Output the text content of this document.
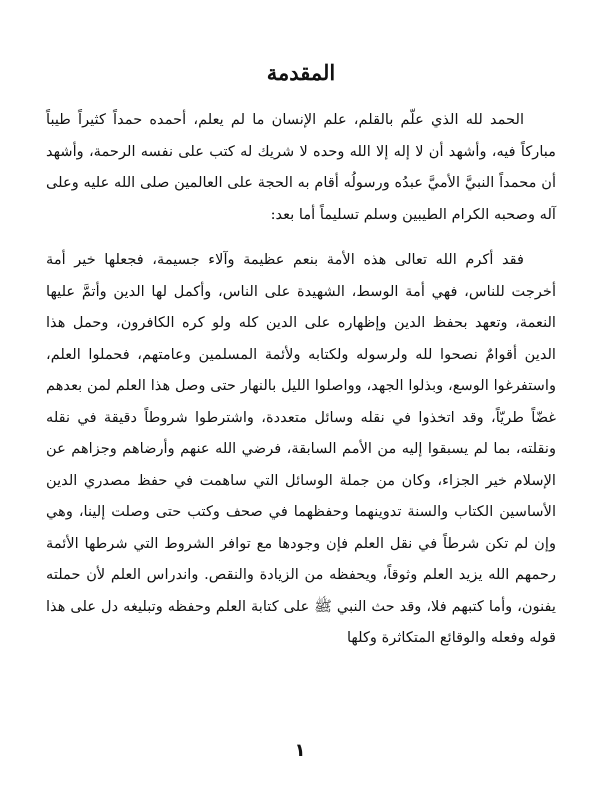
المقدمة

الحمد لله الذي علّم بالقلم، علم الإنسان ما لم يعلم، أحمده حمداً كثيراً طيباً مباركاً فيه، وأشهد أن لا إله إلا الله وحده لا شريك له كتب على نفسه الرحمة، وأشهد أن محمداً النبيَّ الأميَّ عبدُه ورسولُه أقام به الحجة على العالمين صلى الله عليه وعلى آله وصحبه الكرام الطيبين وسلم تسليماً أما بعد:

فقد أكرم الله تعالى هذه الأمة بنعم عظيمة وآلاء جسيمة، فجعلها خير أمة أخرجت للناس، فهي أمة الوسط، الشهيدة على الناس، وأكمل لها الدين وأتمَّ عليها النعمة، وتعهد بحفظ الدين وإظهاره على الدين كله ولو كره الكافرون، وحمل هذا الدين أقوامٌ نصحوا لله ولرسوله ولكتابه ولأئمة المسلمين وعامتهم، فحملوا العلم، واستفرغوا الوسع، وبذلوا الجهد، وواصلوا الليل بالنهار حتى وصل هذا العلم لمن بعدهم غضّاً طريّاً، وقد اتخذوا في نقله وسائل متعددة، واشترطوا شروطاً دقيقة في نقله ونقلته، بما لم يسبقوا إليه من الأمم السابقة، فرضي الله عنهم وأرضاهم وجزاهم عن الإسلام خير الجزاء، وكان من جملة الوسائل التي ساهمت في حفظ مصدري الدين الأساسين الكتاب والسنة تدوينهما وحفظهما في صحف وكتب حتى وصلت إلينا، وهي وإن لم تكن شرطاً في نقل العلم فإن وجودها مع توافر الشروط التي شرطها الأئمة رحمهم الله يزيد العلم وثوقاً، ويحفظه من الزيادة والنقص. واندراس العلم لأن حملته يفنون، وأما كتبهم فلا، وقد حث النبي ﷺ على كتابة العلم وحفظه وتبليغه دل على هذا قوله وفعله والوقائع المتكاثرة وكلها

١
